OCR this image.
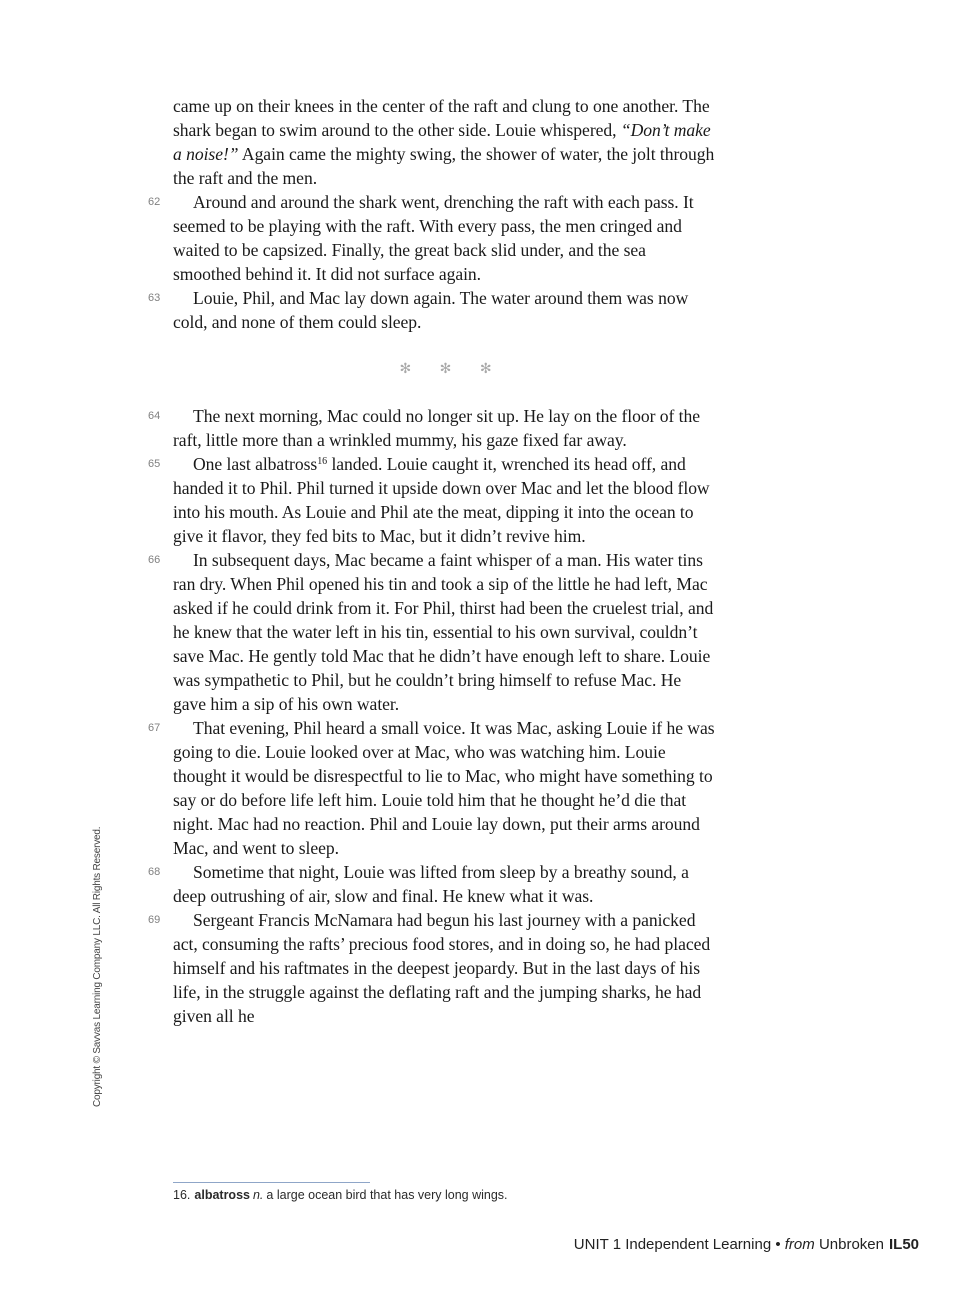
came up on their knees in the center of the raft and clung to one another. The shark began to swim around to the other side. Louie whispered, “Don’t make a noise!” Again came the mighty swing, the shower of water, the jolt through the raft and the men.

62 Around and around the shark went, drenching the raft with each pass. It seemed to be playing with the raft. With every pass, the men cringed and waited to be capsized. Finally, the great back slid under, and the sea smoothed behind it. It did not surface again.

63 Louie, Phil, and Mac lay down again. The water around them was now cold, and none of them could sleep.

✻ ✻ ✻

64 The next morning, Mac could no longer sit up. He lay on the floor of the raft, little more than a wrinkled mummy, his gaze fixed far away.

65 One last albatross$^{16}$ landed. Louie caught it, wrenched its head off, and handed it to Phil. Phil turned it upside down over Mac and let the blood flow into his mouth. As Louie and Phil ate the meat, dipping it into the ocean to give it flavor, they fed bits to Mac, but it didn’t revive him.

66 In subsequent days, Mac became a faint whisper of a man. His water tins ran dry. When Phil opened his tin and took a sip of the little he had left, Mac asked if he could drink from it. For Phil, thirst had been the cruelest trial, and he knew that the water left in his tin, essential to his own survival, couldn’t save Mac. He gently told Mac that he didn’t have enough left to share. Louie was sympathetic to Phil, but he couldn’t bring himself to refuse Mac. He gave him a sip of his own water.

67 That evening, Phil heard a small voice. It was Mac, asking Louie if he was going to die. Louie looked over at Mac, who was watching him. Louie thought it would be disrespectful to lie to Mac, who might have something to say or do before life left him. Louie told him that he thought he’d die that night. Mac had no reaction. Phil and Louie lay down, put their arms around Mac, and went to sleep.

68 Sometime that night, Louie was lifted from sleep by a breathy sound, a deep outrushing of air, slow and final. He knew what it was.

69 Sergeant Francis McNamara had begun his last journey with a panicked act, consuming the rafts’ precious food stores, and in doing so, he had placed himself and his raftmates in the deepest jeopardy. But in the last days of his life, in the struggle against the deflating raft and the jumping sharks, he had given all he

16. albatross n. a large ocean bird that has very long wings.
Copyright © Savvas Learning Company LLC. All Rights Reserved.
UNIT 1 Independent Learning • from Unbroken IL50
